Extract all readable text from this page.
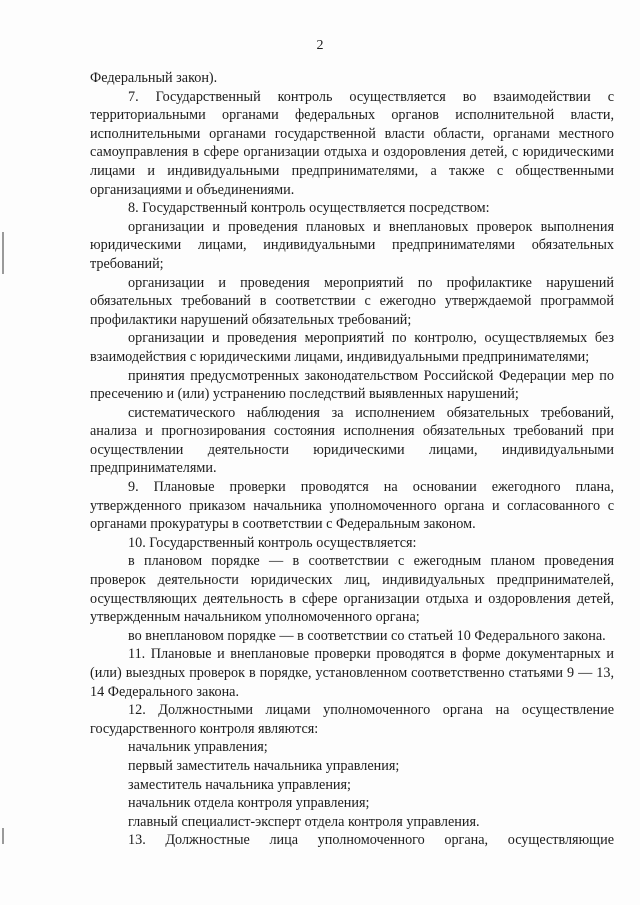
2

Федеральный закон).

7. Государственный контроль осуществляется во взаимодействии с территориальными органами федеральных органов исполнительной власти, исполнительными органами государственной власти области, органами местного самоуправления в сфере организации отдыха и оздоровления детей, с юридическими лицами и индивидуальными предпринимателями, а также с общественными организациями и объединениями.

8. Государственный контроль осуществляется посредством:

организации и проведения плановых и внеплановых проверок выполнения юридическими лицами, индивидуальными предпринимателями обязательных требований;

организации и проведения мероприятий по профилактике нарушений обязательных требований в соответствии с ежегодно утверждаемой программой профилактики нарушений обязательных требований;

организации и проведения мероприятий по контролю, осуществляемых без взаимодействия с юридическими лицами, индивидуальными предпринимателями;

принятия предусмотренных законодательством Российской Федерации мер по пресечению и (или) устранению последствий выявленных нарушений;

систематического наблюдения за исполнением обязательных требований, анализа и прогнозирования состояния исполнения обязательных требований при осуществлении деятельности юридическими лицами, индивидуальными предпринимателями.

9. Плановые проверки проводятся на основании ежегодного плана, утвержденного приказом начальника уполномоченного органа и согласованного с органами прокуратуры в соответствии с Федеральным законом.

10. Государственный контроль осуществляется:

в плановом порядке — в соответствии с ежегодным планом проведения проверок деятельности юридических лиц, индивидуальных предпринимателей, осуществляющих деятельность в сфере организации отдыха и оздоровления детей, утвержденным начальником уполномоченного органа;

во внеплановом порядке — в соответствии со статьей 10 Федерального закона.

11. Плановые и внеплановые проверки проводятся в форме документарных и (или) выездных проверок в порядке, установленном соответственно статьями 9 — 13, 14 Федерального закона.

12. Должностными лицами уполномоченного органа на осуществление государственного контроля являются:

начальник управления;

первый заместитель начальника управления;

заместитель начальника управления;

начальник отдела контроля управления;

главный специалист-эксперт отдела контроля управления.

13. Должностные лица уполномоченного органа, осуществляющие
